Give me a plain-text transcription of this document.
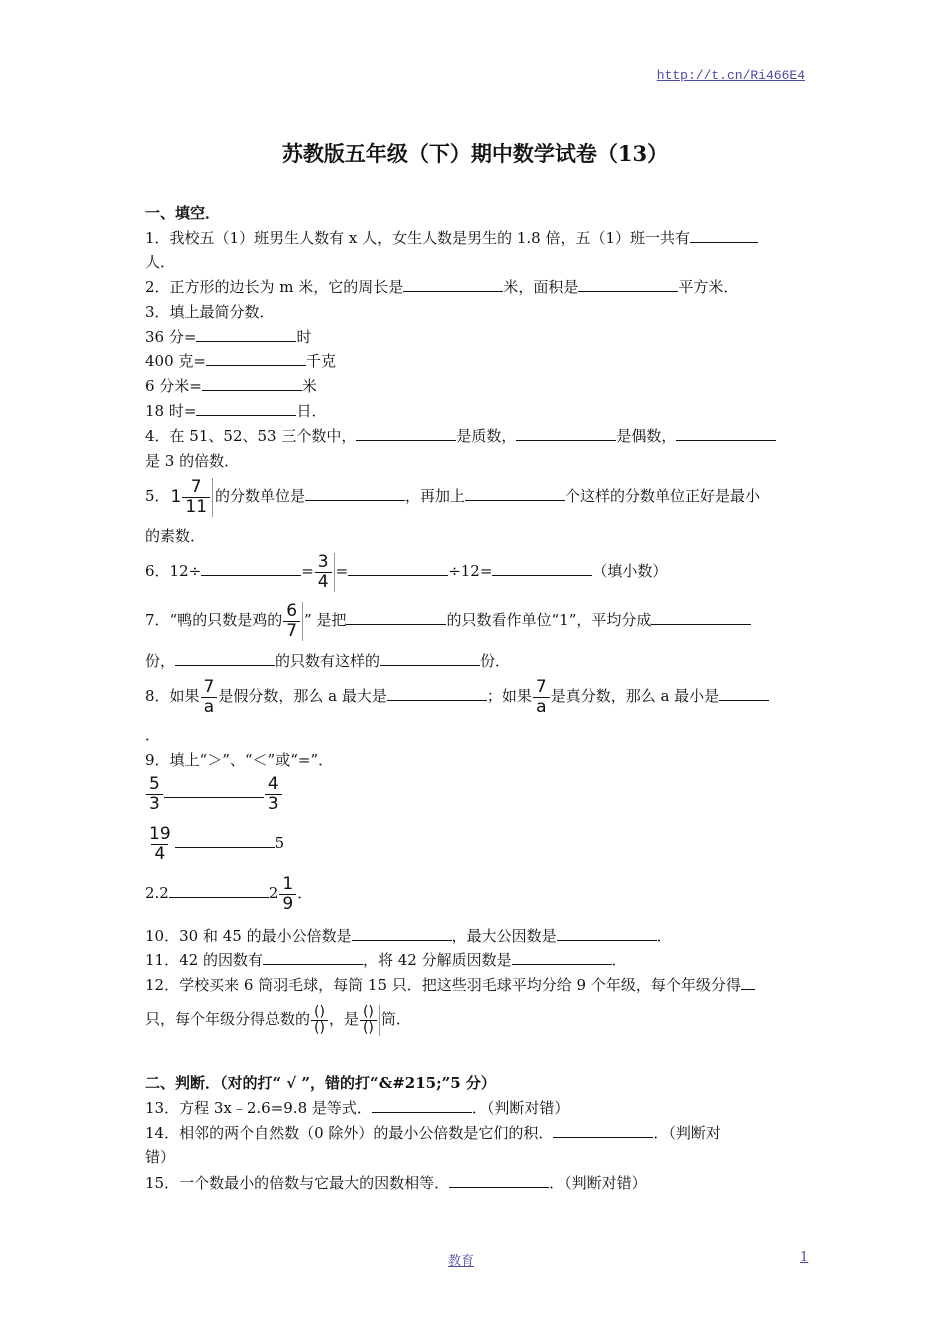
http://t.cn/Ri466E4
苏教版五年级（下）期中数学试卷（13）
一、填空．
1．我校五（1）班男生人数有 x 人，女生人数是男生的 1.8 倍，五（1）班一共有
人．
2．正方形的边长为 m 米，它的周长是	米，面积是	平方米．
3．填上最简分数．
36 分=	时
400 克=	千克
6 分米=	米
18 时=	日．
4．在 51、52、53 三个数中，	是质数，	是偶数，
是 3 的倍数．
5． $1 \frac{7}{11}$ 的分数单位是	，再加上	个这样的分数单位正好是最小
的素数．
6．12÷	= $\frac{3}{4}$ =	÷12=	（填小数）
7．“鸭的只数是鸡的 $\frac{6}{7}$ ” 是把	的只数看作单位“1”，平均分成
份，	的只数有这样的	份．
8．如果 $\frac{7}{a}$ 是假分数，那么 a 最大是	；如果 $\frac{7}{a}$ 是真分数，那么 a 最小是
．
9．填上“＞”、“＜”或“=”．
$\frac{5}{3}$	$\frac{4}{3}$
$\frac{19}{4}$	5
2.2	$2 \frac{1}{9}$ ．
10．30 和 45 的最小公倍数是	，最大公因数是	．
11．42 的因数有	，将 42 分解质因数是	．
12．学校买来 6 筒羽毛球，每筒 15 只．把这些羽毛球平均分给 9 个年级，每个年级分得
只，每个年级分得总数的 $\frac{()}{()}$ ，是 $\frac{()}{()}$ 筒．
二、判断．（对的打“ √ ”，错的打“&#215;”5 分）
13．方程 3x﹣2.6=9.8 是等式．	．（判断对错）
14．相邻的两个自然数（0 除外）的最小公倍数是它们的积．	．（判断对
错）
15．一个数最小的倍数与它最大的因数相等．	．（判断对错）
教育	1
